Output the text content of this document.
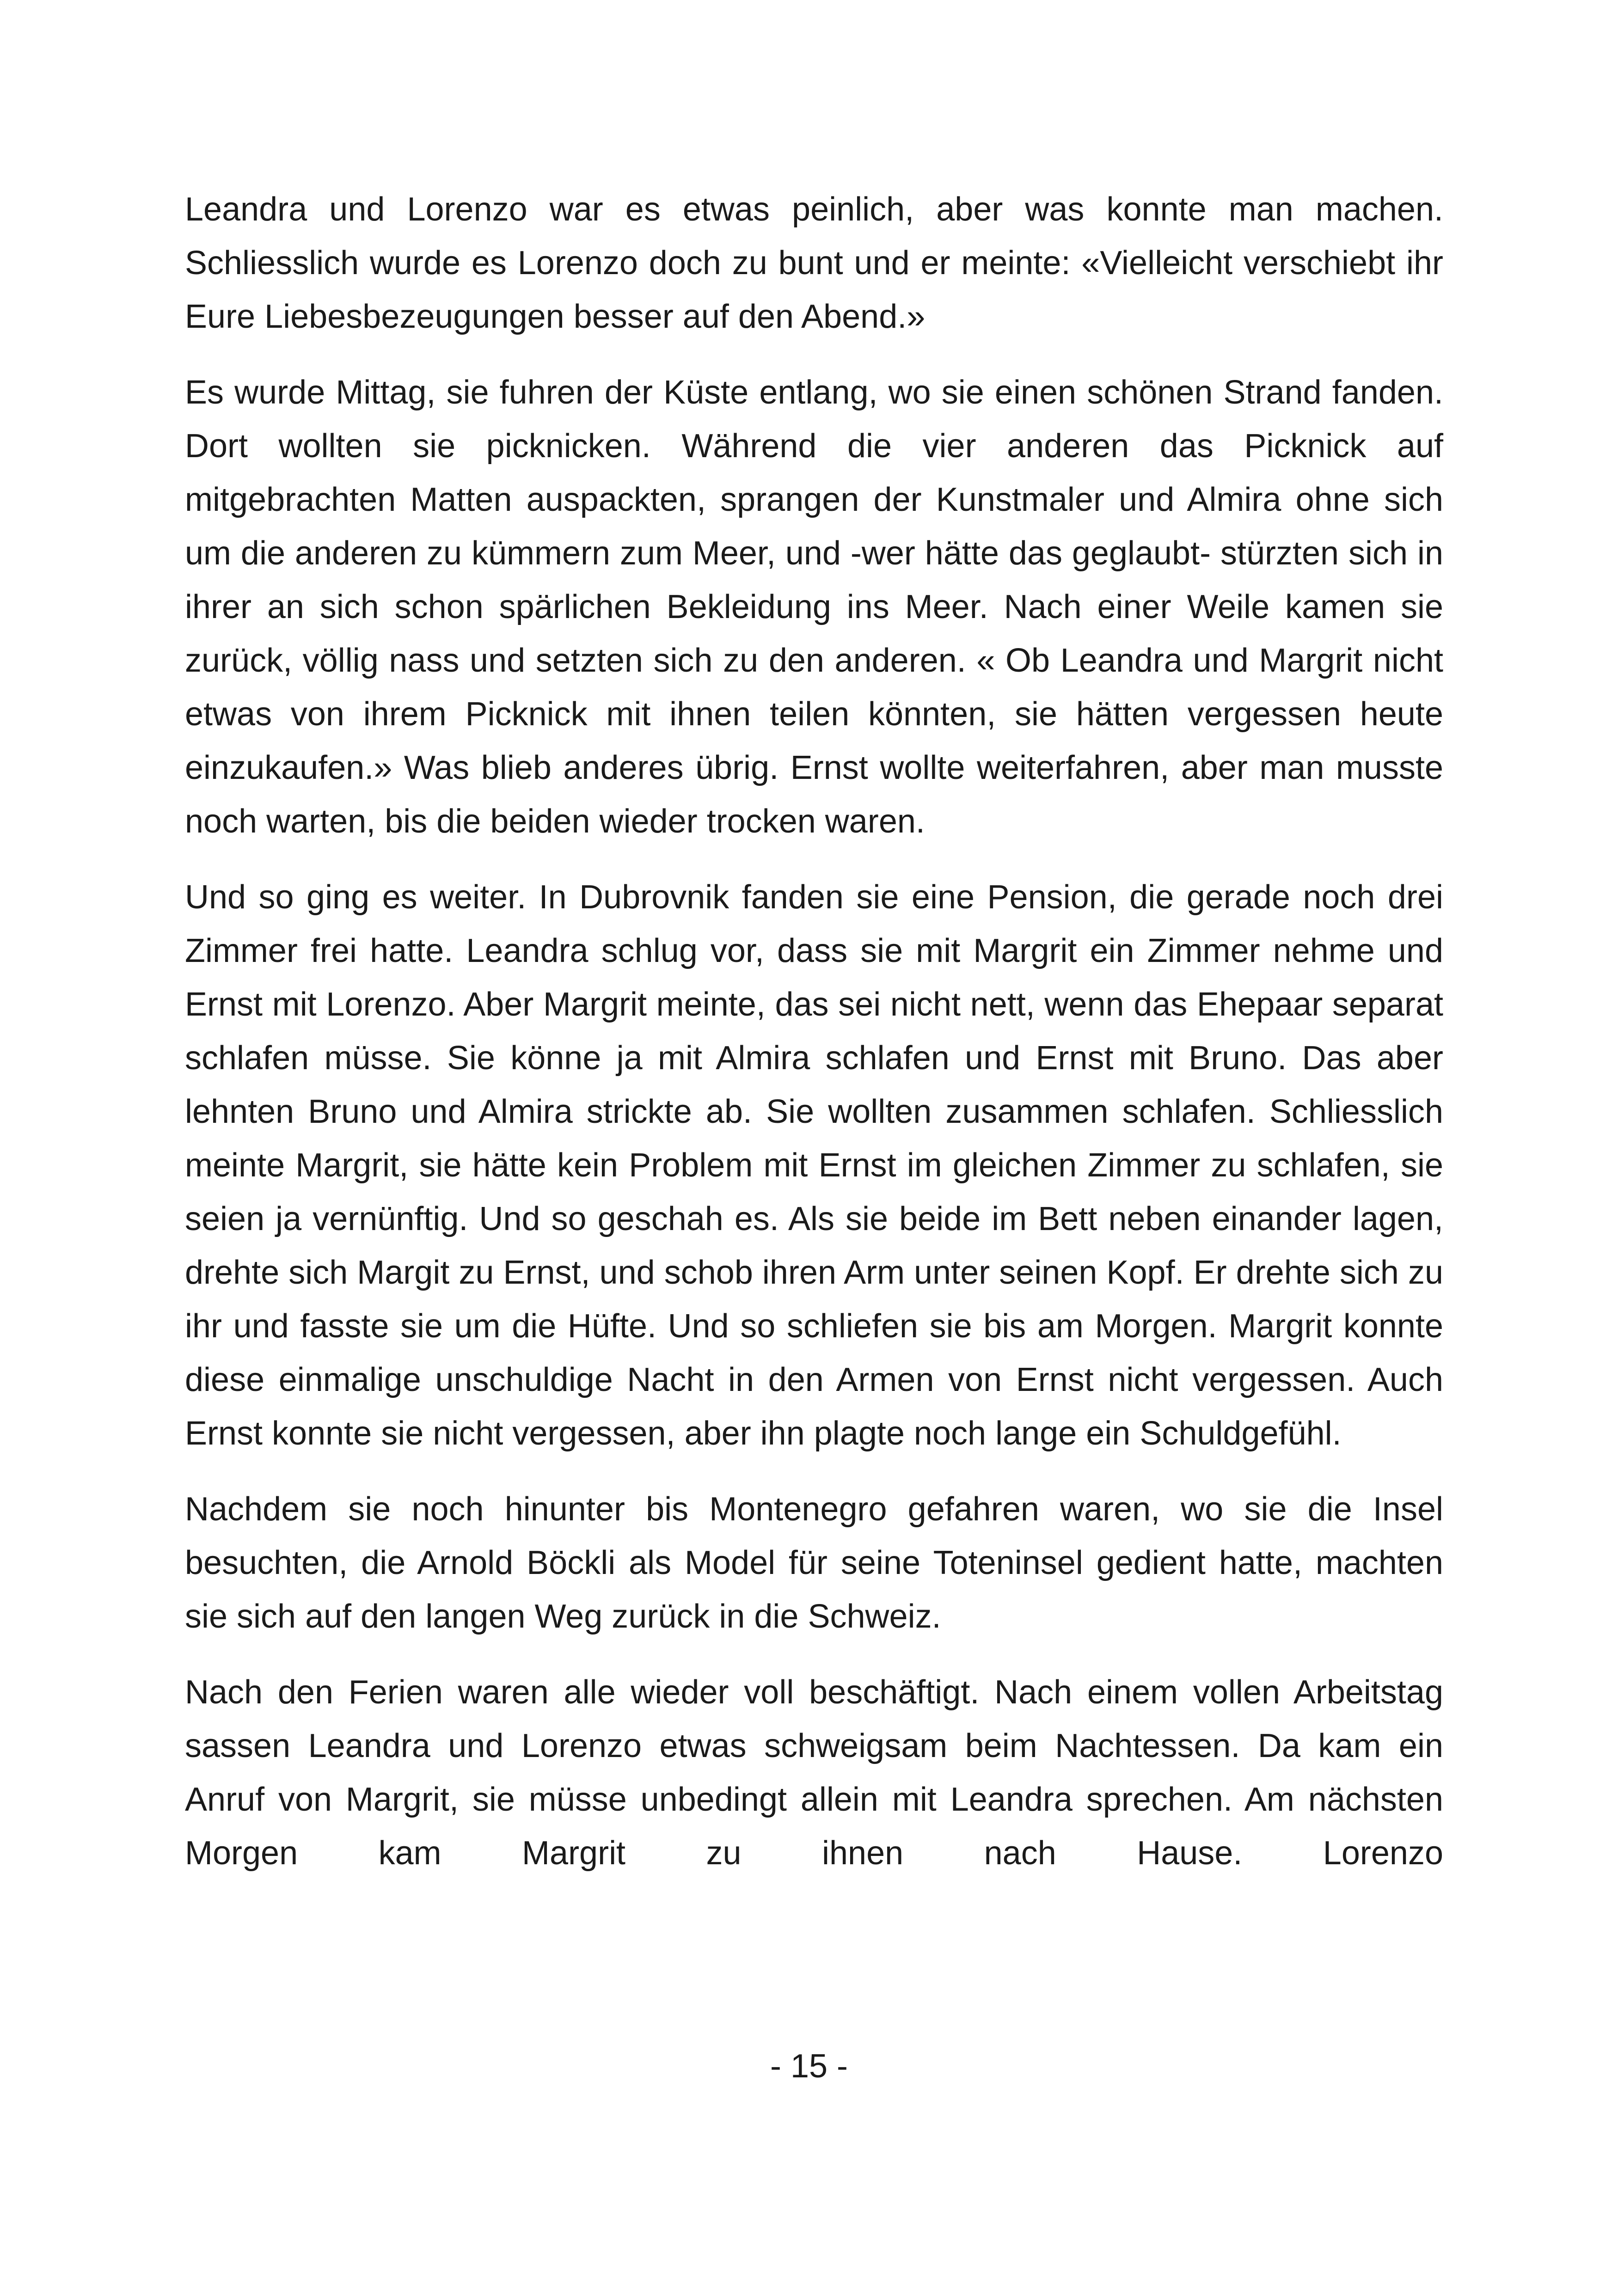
Leandra und Lorenzo war es etwas peinlich, aber was konnte man machen. Schliesslich wurde es Lorenzo doch zu bunt und er meinte: «Vielleicht verschiebt ihr Eure Liebesbezeugungen besser auf den Abend.»

Es wurde Mittag, sie fuhren der Küste entlang, wo sie einen schönen Strand fanden. Dort wollten sie picknicken. Während die vier anderen das Picknick auf mitgebrachten Matten auspackten, sprangen der Kunstmaler und Almira ohne sich um die anderen zu kümmern zum Meer, und -wer hätte das geglaubt- stürzten sich in ihrer an sich schon spärlichen Bekleidung ins Meer. Nach einer Weile kamen sie zurück, völlig nass und setzten sich zu den anderen. « Ob Leandra und Margrit nicht etwas von ihrem Picknick mit ihnen teilen könnten, sie hätten vergessen heute einzukaufen.» Was blieb anderes übrig. Ernst wollte weiterfahren, aber man musste noch warten, bis die beiden wieder trocken waren.

Und so ging es weiter. In Dubrovnik fanden sie eine Pension, die gerade noch drei Zimmer frei hatte. Leandra schlug vor, dass sie mit Margrit ein Zimmer nehme und Ernst mit Lorenzo. Aber Margrit meinte, das sei nicht nett, wenn das Ehepaar separat schlafen müsse. Sie könne ja mit Almira schlafen und Ernst mit Bruno. Das aber lehnten Bruno und Almira strickte ab. Sie wollten zusammen schlafen. Schliesslich meinte Margrit, sie hätte kein Problem mit Ernst im gleichen Zimmer zu schlafen, sie seien ja vernünftig. Und so geschah es. Als sie beide im Bett neben einander lagen, drehte sich Margit zu Ernst, und schob ihren Arm unter seinen Kopf. Er drehte sich zu ihr und fasste sie um die Hüfte. Und so schliefen sie bis am Morgen. Margrit konnte diese einmalige unschuldige Nacht in den Armen von Ernst nicht vergessen. Auch Ernst konnte sie nicht vergessen, aber ihn plagte noch lange ein Schuldgefühl.

Nachdem sie noch hinunter bis Montenegro gefahren waren, wo sie die Insel besuchten, die Arnold Böckli als Model für seine Toteninsel gedient hatte, machten sie sich auf den langen Weg zurück in die Schweiz.

Nach den Ferien waren alle wieder voll beschäftigt. Nach einem vollen Arbeitstag sassen Leandra und Lorenzo etwas schweigsam beim Nachtessen. Da kam ein Anruf von Margrit, sie müsse unbedingt allein mit Leandra sprechen. Am nächsten Morgen kam Margrit zu ihnen nach Hause. Lorenzo

- 15 -
